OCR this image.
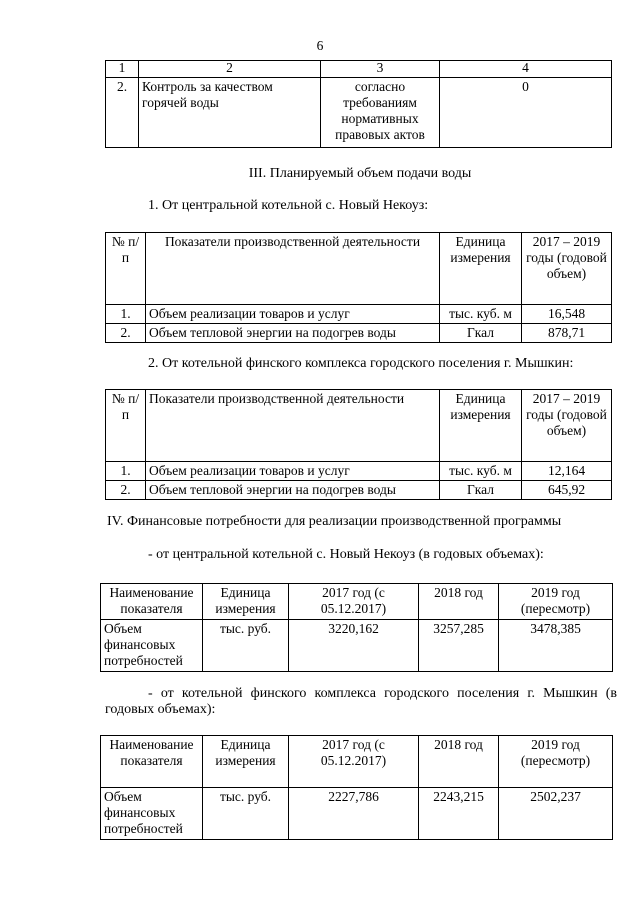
6
1	2	3	4
2.	Контроль за качеством горячей воды	согласно требованиям нормативных правовых актов	0
III. Планируемый объем подачи воды
1. От центральной котельной с. Новый Некоуз:
№ п/п	Показатели производственной деятельности	Единица измерения	2017 – 2019 годы (годовой объем)
1.	Объем реализации товаров и услуг	тыс. куб. м	16,548
2.	Объем тепловой энергии на подогрев воды	Гкал	878,71
2. От котельной финского комплекса городского поселения г. Мышкин:
№ п/п	Показатели производственной деятельности	Единица измерения	2017 – 2019 годы (годовой объем)
1.	Объем реализации товаров и услуг	тыс. куб. м	12,164
2.	Объем тепловой энергии на подогрев воды	Гкал	645,92
IV. Финансовые потребности для реализации производственной программы
- от центральной котельной с. Новый Некоуз (в годовых объемах):
Наименование показателя	Единица измерения	2017 год (с 05.12.2017)	2018 год	2019 год (пересмотр)
Объем финансовых потребностей	тыс. руб.	3220,162	3257,285	3478,385
- от котельной финского комплекса городского поселения г. Мышкин (в годовых объемах):
Наименование показателя	Единица измерения	2017 год (с 05.12.2017)	2018 год	2019 год (пересмотр)
Объем финансовых потребностей	тыс. руб.	2227,786	2243,215	2502,237
